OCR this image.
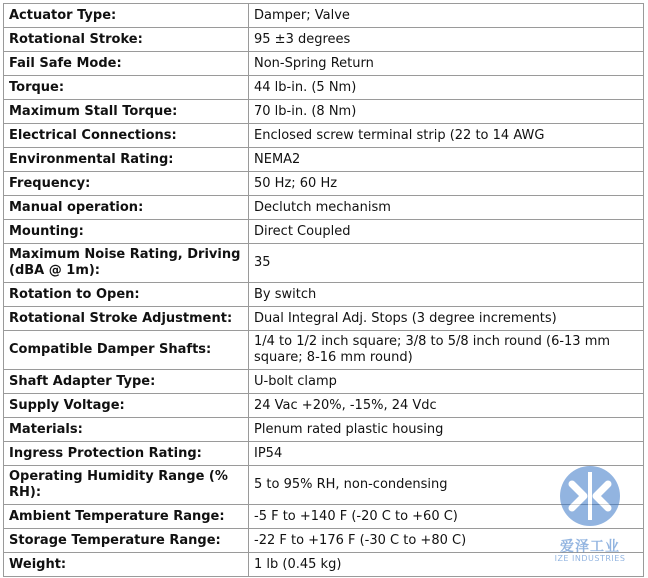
Actuator Type:	Damper; Valve
Rotational Stroke:	95 ±3 degrees
Fail Safe Mode:	Non-Spring Return
Torque:	44 lb-in. (5 Nm)
Maximum Stall Torque:	70 lb-in. (8 Nm)
Electrical Connections:	Enclosed screw terminal strip (22 to 14 AWG
Environmental Rating:	NEMA2
Frequency:	50 Hz; 60 Hz
Manual operation:	Declutch mechanism
Mounting:	Direct Coupled
Maximum Noise Rating, Driving (dBA @ 1m):	35
Rotation to Open:	By switch
Rotational Stroke Adjustment:	Dual Integral Adj. Stops (3 degree increments)
Compatible Damper Shafts:	1/4 to 1/2 inch square; 3/8 to 5/8 inch round (6-13 mm square; 8-16 mm round)
Shaft Adapter Type:	U-bolt clamp
Supply Voltage:	24 Vac +20%, -15%, 24 Vdc
Materials:	Plenum rated plastic housing
Ingress Protection Rating:	IP54
Operating Humidity Range (% RH):	5 to 95% RH, non-condensing
Ambient Temperature Range:	-5 F to +140 F (-20 C to +60 C)
Storage Temperature Range:	-22 F to +176 F (-30 C to +80 C)
Weight:	1 lb (0.45 kg)
爱泽工业
IZE INDUSTRIES
